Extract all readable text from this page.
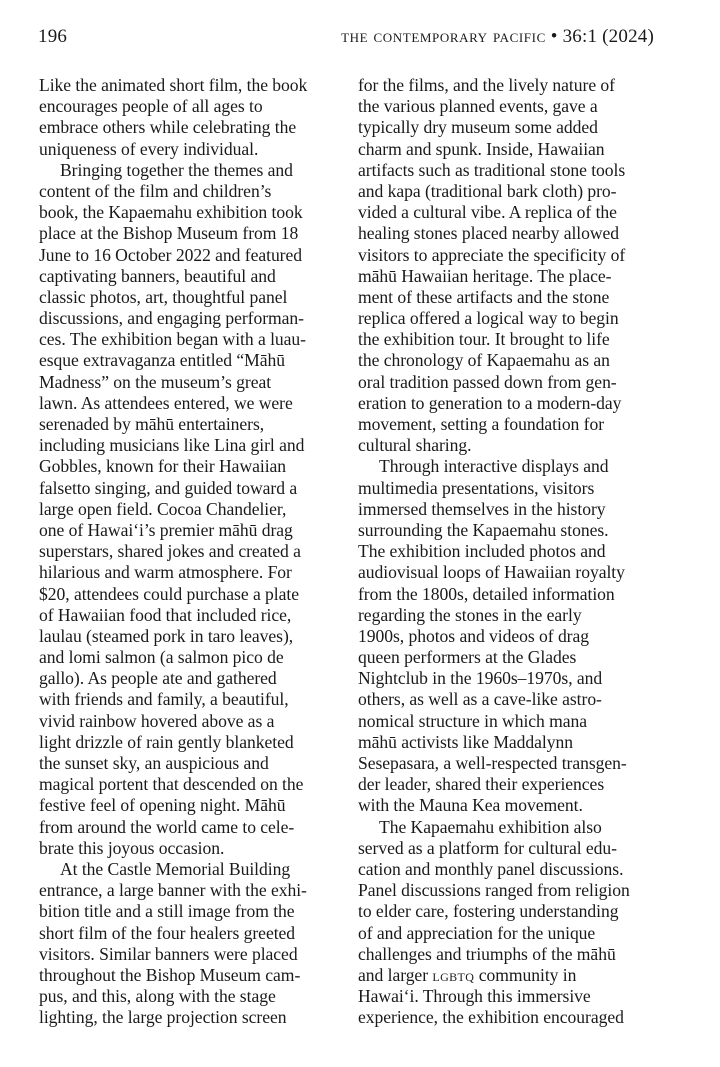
196	the contemporary pacific • 36:1 (2024)
Like the animated short film, the book
encourages people of all ages to
embrace others while celebrating the
uniqueness of every individual.
Bringing together the themes and
content of the film and children’s
book, the Kapaemahu exhibition took
place at the Bishop Museum from 18
June to 16 October 2022 and featured
captivating banners, beautiful and
classic photos, art, thoughtful panel
discussions, and engaging performan-
ces. The exhibition began with a luau-
esque extravaganza entitled “Māhū
Madness” on the museum’s great
lawn. As attendees entered, we were
serenaded by māhū entertainers,
including musicians like Lina girl and
Gobbles, known for their Hawaiian
falsetto singing, and guided toward a
large open field. Cocoa Chandelier,
one of Hawai‘i’s premier māhū drag
superstars, shared jokes and created a
hilarious and warm atmosphere. For
$20, attendees could purchase a plate
of Hawaiian food that included rice,
laulau (steamed pork in taro leaves),
and lomi salmon (a salmon pico de
gallo). As people ate and gathered
with friends and family, a beautiful,
vivid rainbow hovered above as a
light drizzle of rain gently blanketed
the sunset sky, an auspicious and
magical portent that descended on the
festive feel of opening night. Māhū
from around the world came to cele-
brate this joyous occasion.
At the Castle Memorial Building
entrance, a large banner with the exhi-
bition title and a still image from the
short film of the four healers greeted
visitors. Similar banners were placed
throughout the Bishop Museum cam-
pus, and this, along with the stage
lighting, the large projection screen
for the films, and the lively nature of
the various planned events, gave a
typically dry museum some added
charm and spunk. Inside, Hawaiian
artifacts such as traditional stone tools
and kapa (traditional bark cloth) pro-
vided a cultural vibe. A replica of the
healing stones placed nearby allowed
visitors to appreciate the specificity of
māhū Hawaiian heritage. The place-
ment of these artifacts and the stone
replica offered a logical way to begin
the exhibition tour. It brought to life
the chronology of Kapaemahu as an
oral tradition passed down from gen-
eration to generation to a modern-day
movement, setting a foundation for
cultural sharing.
Through interactive displays and
multimedia presentations, visitors
immersed themselves in the history
surrounding the Kapaemahu stones.
The exhibition included photos and
audiovisual loops of Hawaiian royalty
from the 1800s, detailed information
regarding the stones in the early
1900s, photos and videos of drag
queen performers at the Glades
Nightclub in the 1960s–1970s, and
others, as well as a cave-like astro-
nomical structure in which mana
māhū activists like Maddalynn
Sesepasara, a well-respected transgen-
der leader, shared their experiences
with the Mauna Kea movement.
The Kapaemahu exhibition also
served as a platform for cultural edu-
cation and monthly panel discussions.
Panel discussions ranged from religion
to elder care, fostering understanding
of and appreciation for the unique
challenges and triumphs of the māhū
and larger lgbtq community in
Hawai‘i. Through this immersive
experience, the exhibition encouraged
